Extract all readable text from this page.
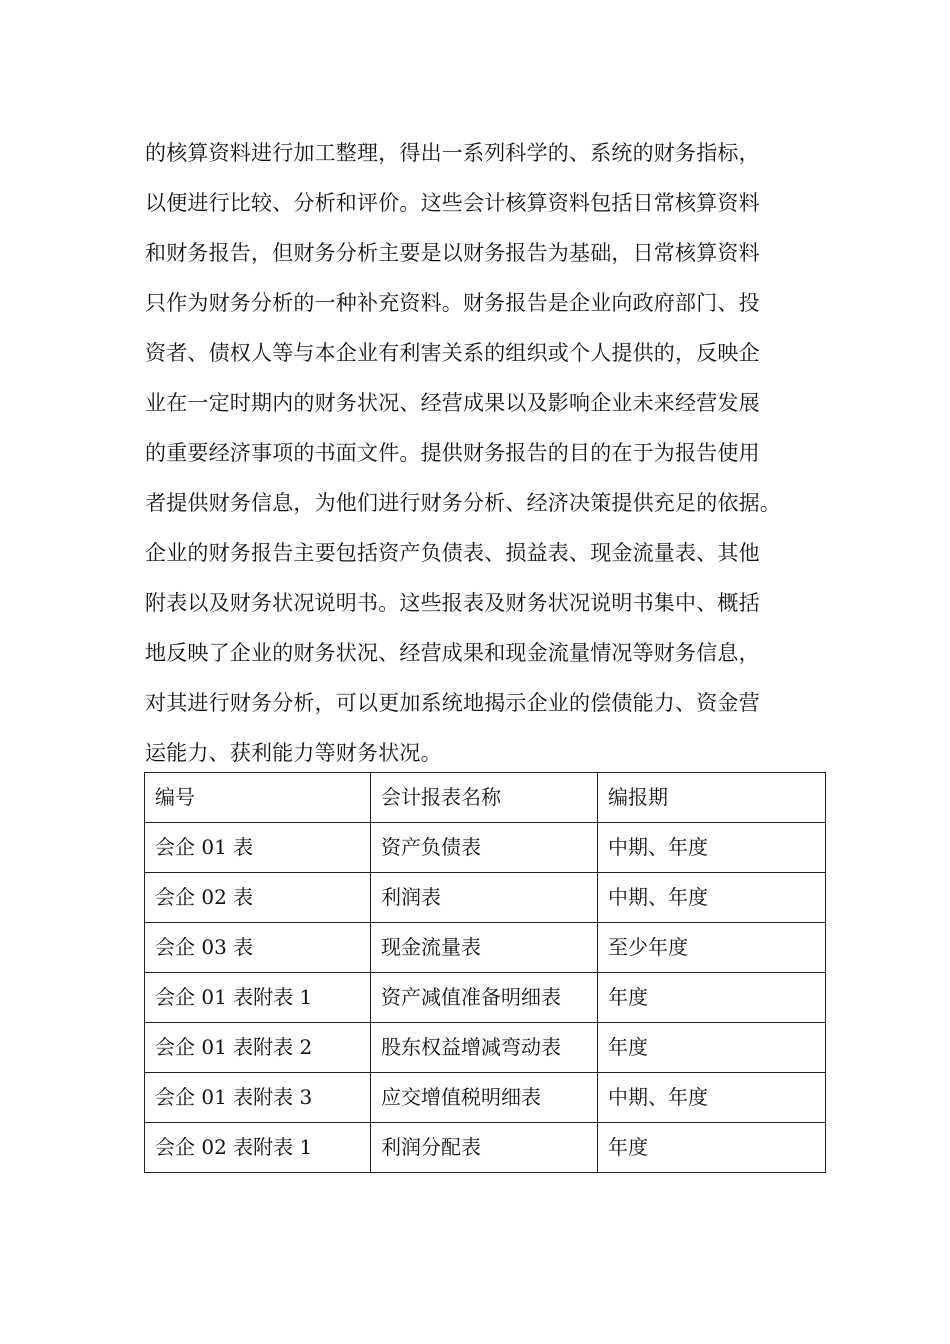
的核算资料进行加工整理，得出一系列科学的、系统的财务指标，
以便进行比较、分析和评价。这些会计核算资料包括日常核算资料
和财务报告，但财务分析主要是以财务报告为基础，日常核算资料
只作为财务分析的一种补充资料。财务报告是企业向政府部门、投
资者、债权人等与本企业有利害关系的组织或个人提供的，反映企
业在一定时期内的财务状况、经营成果以及影响企业未来经营发展
的重要经济事项的书面文件。提供财务报告的目的在于为报告使用
者提供财务信息，为他们进行财务分析、经济决策提供充足的依据。
企业的财务报告主要包括资产负债表、损益表、现金流量表、其他
附表以及财务状况说明书。这些报表及财务状况说明书集中、概括
地反映了企业的财务状况、经营成果和现金流量情况等财务信息，
对其进行财务分析，可以更加系统地揭示企业的偿债能力、资金营
运能力、获利能力等财务状况。
编号	会计报表名称	编报期
会企 01 表	资产负债表	中期、年度
会企 02 表	利润表	中期、年度
会企 03 表	现金流量表	至少年度
会企 01 表附表 1	资产减值准备明细表	年度
会企 01 表附表 2	股东权益增减弯动表	年度
会企 01 表附表 3	应交增值税明细表	中期、年度
会企 02 表附表 1	利润分配表	年度
